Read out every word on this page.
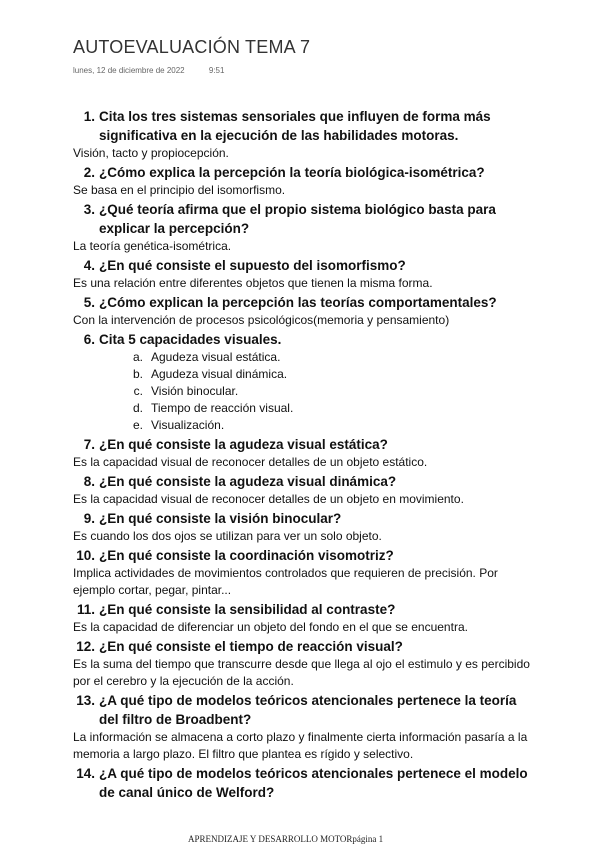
AUTOEVALUACIÓN TEMA 7
lunes, 12 de diciembre de 2022	9:51
1. Cita los tres sistemas sensoriales que influyen de forma más significativa en la ejecución de las habilidades motoras.
Visión, tacto y propiocepción.
2. ¿Cómo explica la percepción la teoría biológica-isométrica?
Se basa en el principio del isomorfismo.
3. ¿Qué teoría afirma que el propio sistema biológico basta para explicar la percepción?
La teoría genética-isométrica.
4. ¿En qué consiste el supuesto del isomorfismo?
Es una relación entre diferentes objetos que tienen la misma forma.
5. ¿Cómo explican la percepción las teorías comportamentales?
Con la intervención de procesos psicológicos(memoria y pensamiento)
6. Cita 5 capacidades visuales.
a. Agudeza visual estática.
b. Agudeza visual dinámica.
c. Visión binocular.
d. Tiempo de reacción visual.
e. Visualización.
7. ¿En qué consiste la agudeza visual estática?
Es la capacidad visual de reconocer detalles de un objeto estático.
8. ¿En qué consiste la agudeza visual dinámica?
Es la capacidad visual de reconocer detalles de un objeto en movimiento.
9. ¿En qué consiste la visión binocular?
Es cuando los dos ojos se utilizan para ver un solo objeto.
10. ¿En qué consiste la coordinación visomotriz?
Implica actividades de movimientos controlados que requieren de precisión. Por ejemplo cortar, pegar, pintar...
11. ¿En qué consiste la sensibilidad al contraste?
Es la capacidad de diferenciar un objeto del fondo en el que se encuentra.
12. ¿En qué consiste el tiempo de reacción visual?
Es la suma del tiempo que transcurre desde que llega al ojo el estimulo y es percibido por el cerebro y la ejecución de la acción.
13. ¿A qué tipo de modelos teóricos atencionales pertenece la teoría del filtro de Broadbent?
La información se almacena a corto plazo y finalmente cierta información pasaría a la memoria a largo plazo. El filtro que plantea es rígido y selectivo.
14. ¿A qué tipo de modelos teóricos atencionales pertenece el modelo de canal único de Welford?
APRENDIZAJE Y DESARROLLO MOTORpágina 1
